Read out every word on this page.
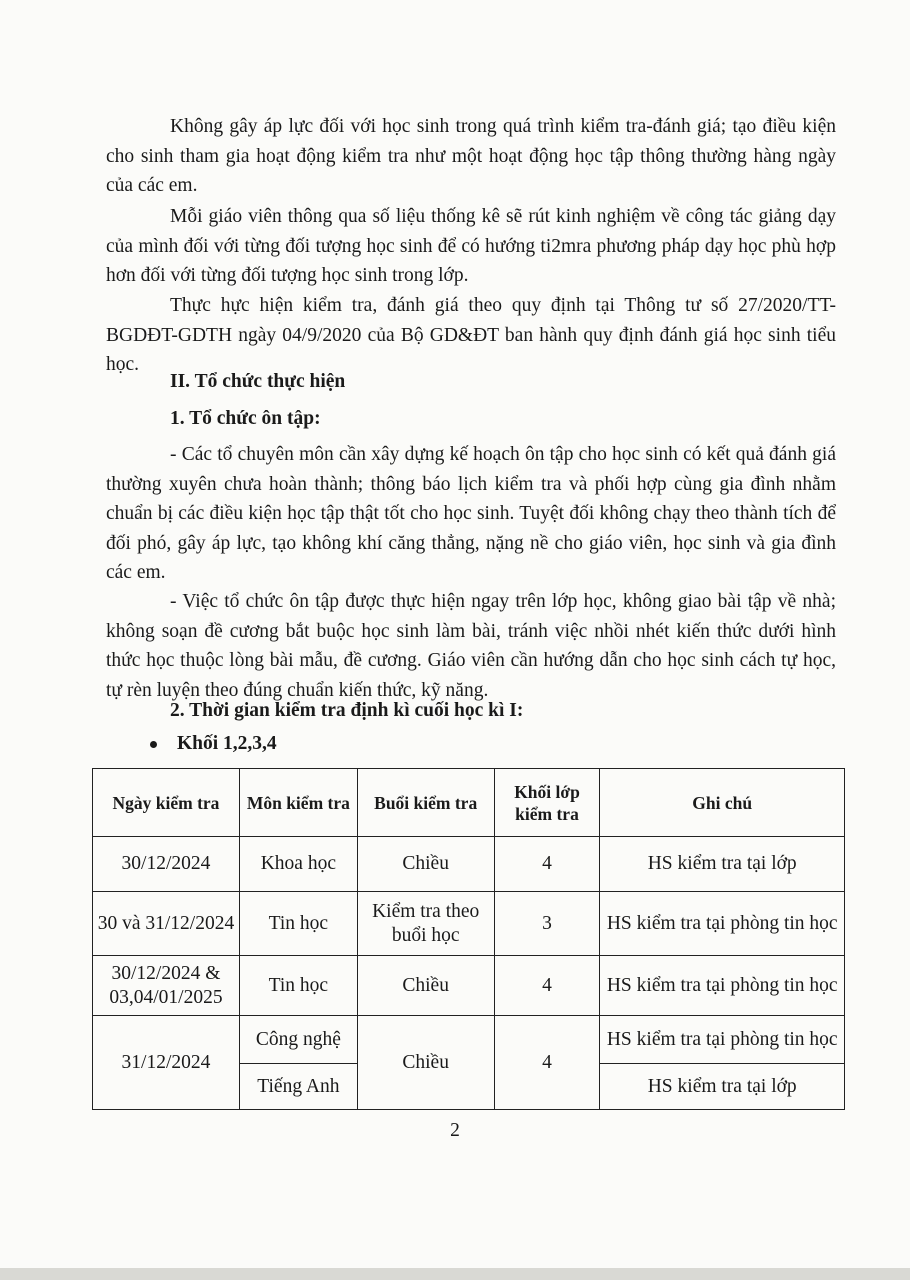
Không gây áp lực đối với học sinh trong quá trình kiểm tra-đánh giá; tạo điều kiện cho sinh tham gia hoạt động kiểm tra như một hoạt động học tập thông thường hàng ngày của các em.

Mỗi giáo viên thông qua số liệu thống kê sẽ rút kinh nghiệm về công tác giảng dạy của mình đối với từng đối tượng học sinh để có hướng ti2mra phương pháp dạy học phù hợp hơn đối với từng đối tượng học sinh trong lớp.

Thực hực hiện kiểm tra, đánh giá theo quy định tại Thông tư số 27/2020/TT-BGDĐT-GDTH ngày 04/9/2020 của Bộ GD&ĐT ban hành quy định đánh giá học sinh tiểu học.

II. Tổ chức thực hiện

1. Tổ chức ôn tập:

- Các tổ chuyên môn cần xây dựng kế hoạch ôn tập cho học sinh có kết quả đánh giá thường xuyên chưa hoàn thành; thông báo lịch kiểm tra và phối hợp cùng gia đình nhằm chuẩn bị các điều kiện học tập thật tốt cho học sinh. Tuyệt đối không chạy theo thành tích để đối phó, gây áp lực, tạo không khí căng thẳng, nặng nề cho giáo viên, học sinh và gia đình các em.

- Việc tổ chức ôn tập được thực hiện ngay trên lớp học, không giao bài tập về nhà; không soạn đề cương bắt buộc học sinh làm bài, tránh việc nhồi nhét kiến thức dưới hình thức học thuộc lòng bài mẫu, đề cương. Giáo viên cần hướng dẫn cho học sinh cách tự học, tự rèn luyện theo đúng chuẩn kiến thức, kỹ năng.

2. Thời gian kiểm tra định kì cuối học kì I:

Khối 1,2,3,4
Ngày kiểm tra	Môn kiểm tra	Buổi kiểm tra	Khối lớp kiểm tra	Ghi chú
30/12/2024	Khoa học	Chiều	4	HS kiểm tra tại lớp
30 và 31/12/2024	Tin học	Kiểm tra theo buổi học	3	HS kiểm tra tại phòng tin học
30/12/2024 & 03,04/01/2025	Tin học	Chiều	4	HS kiểm tra tại phòng tin học
31/12/2024	Công nghệ	Chiều	4	HS kiểm tra tại phòng tin học
	Tiếng Anh			HS kiểm tra tại lớp
2
